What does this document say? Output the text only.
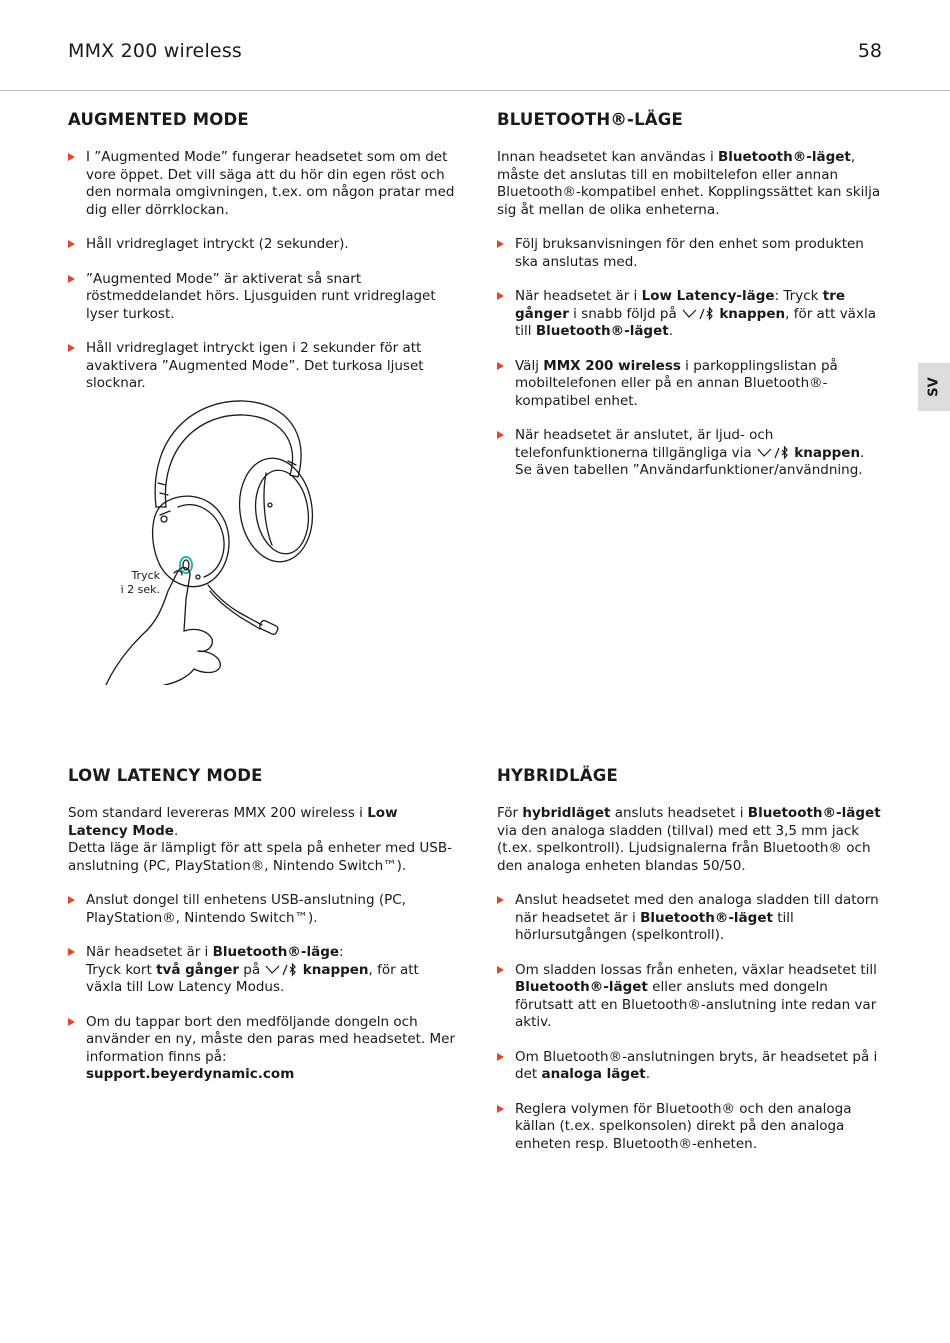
MMX 200 wireless	58
SV
AUGMENTED MODE
I ”Augmented Mode” fungerar headsetet som om det vore öppet. Det vill säga att du hör din egen röst och den normala omgivningen, t.ex. om någon pratar med dig eller dörrklockan.
Håll vridreglaget intryckt (2 sekunder).
”Augmented Mode” är aktiverat så snart röstmeddelandet hörs. Ljusguiden runt vridreglaget lyser turkost.
Håll vridreglaget intryckt igen i 2 sekunder för att avaktivera ”Augmented Mode”. Det turkosa ljuset slocknar.
Tryck
i 2 sek.
BLUETOOTH®-LÄGE

Innan headsetet kan användas i Bluetooth®-läget, måste det anslutas till en mobiltelefon eller annan Bluetooth®-kompatibel enhet. Kopplingssättet kan skilja sig åt mellan de olika enheterna.

Följ bruksanvisningen för den enhet som produkten ska anslutas med.
När headsetet är i Low Latency-läge: Tryck tre gånger i snabb följd på	knappen, för att växla till Bluetooth®-läget.
Välj MMX 200 wireless i parkopplingslistan på mobiltelefonen eller på en annan Bluetooth®-kompatibel enhet.
När headsetet är anslutet, är ljud- och telefonfunktionerna tillgängliga via	knappen.
Se även tabellen ”Användarfunktioner/användning.
LOW LATENCY MODE

Som standard levereras MMX 200 wireless i Low Latency Mode.
Detta läge är lämpligt för att spela på enheter med USB-anslutning (PC, PlayStation®, Nintendo Switch™).

Anslut dongel till enhetens USB-anslutning (PC, PlayStation®, Nintendo Switch™).
När headsetet är i Bluetooth®-läge:
Tryck kort två gånger på	knappen, för att växla till Low Latency Modus.
Om du tappar bort den medföljande dongeln och använder en ny, måste den paras med headsetet. Mer information finns på:
support.beyerdynamic.com
HYBRIDLÄGE

För hybridläget ansluts headsetet i Bluetooth®-läget via den analoga sladden (tillval) med ett 3,5 mm jack (t.ex. spelkontroll). Ljudsignalerna från Bluetooth® och den analoga enheten blandas 50/50.

Anslut headsetet med den analoga sladden till datorn när headsetet är i Bluetooth®-läget till hörlursutgången (spelkontroll).
Om sladden lossas från enheten, växlar headsetet till Bluetooth®-läget eller ansluts med dongeln förutsatt att en Bluetooth®-anslutning inte redan var aktiv.
Om Bluetooth®-anslutningen bryts, är headsetet på i det analoga läget.
Reglera volymen för Bluetooth® och den analoga källan (t.ex. spelkonsolen) direkt på den analoga enheten resp. Bluetooth®-enheten.
